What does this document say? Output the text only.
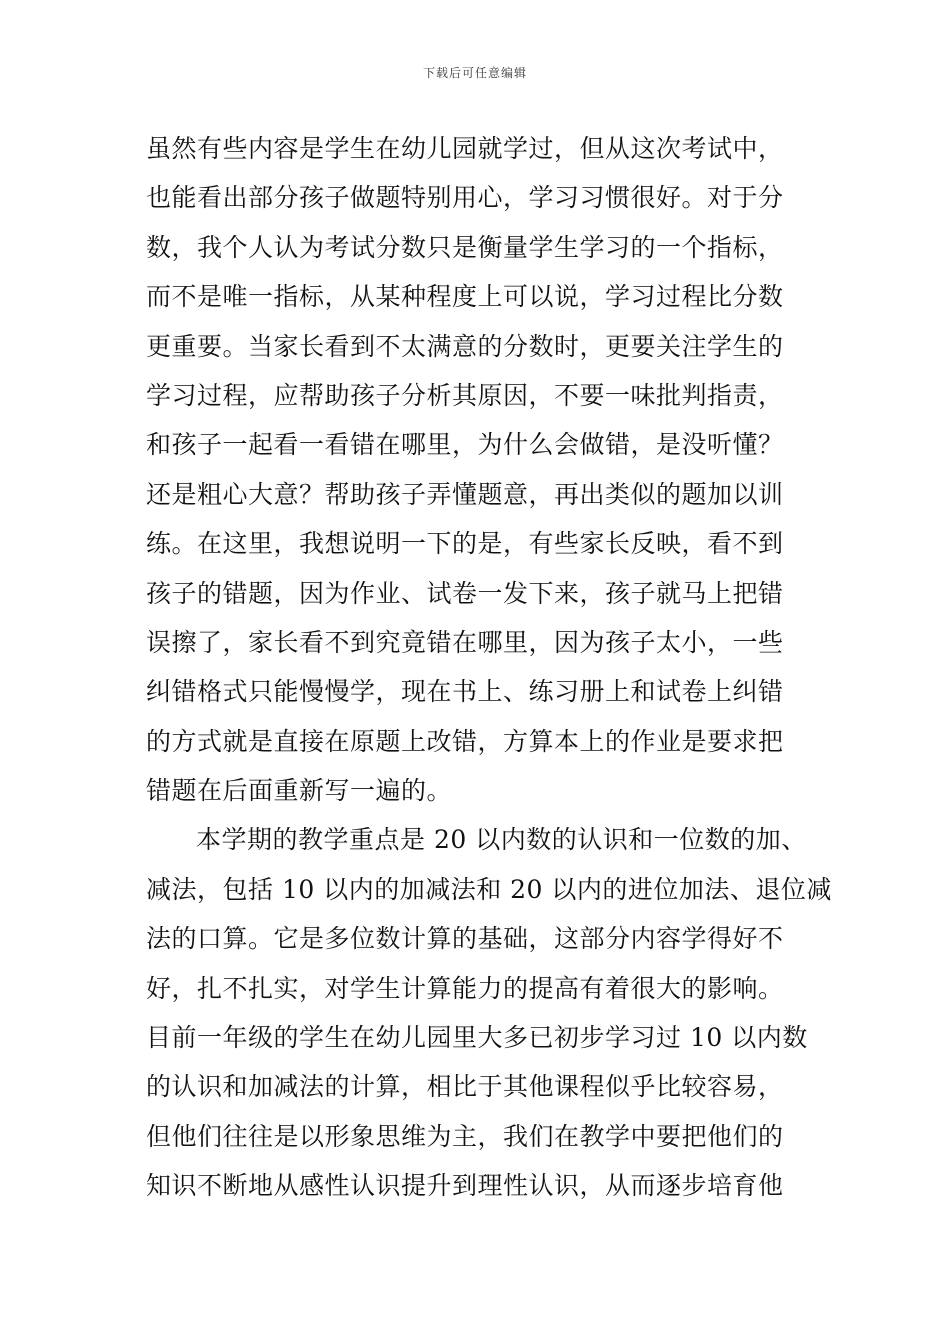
下载后可任意编辑
虽然有些内容是学生在幼儿园就学过，但从这次考试中，
也能看出部分孩子做题特别用心，学习习惯很好。对于分
数，我个人认为考试分数只是衡量学生学习的一个指标，
而不是唯一指标，从某种程度上可以说，学习过程比分数
更重要。当家长看到不太满意的分数时，更要关注学生的
学习过程，应帮助孩子分析其原因，不要一味批判指责，
和孩子一起看一看错在哪里，为什么会做错，是没听懂？
还是粗心大意？帮助孩子弄懂题意，再出类似的题加以训
练。在这里，我想说明一下的是，有些家长反映，看不到
孩子的错题，因为作业、试卷一发下来，孩子就马上把错
误擦了，家长看不到究竟错在哪里，因为孩子太小，一些
纠错格式只能慢慢学，现在书上、练习册上和试卷上纠错
的方式就是直接在原题上改错，方算本上的作业是要求把
错题在后面重新写一遍的。
本学期的教学重点是 20 以内数的认识和一位数的加、
减法，包括 10 以内的加减法和 20 以内的进位加法、退位减
法的口算。它是多位数计算的基础，这部分内容学得好不
好，扎不扎实，对学生计算能力的提高有着很大的影响。
目前一年级的学生在幼儿园里大多已初步学习过 10 以内数
的认识和加减法的计算，相比于其他课程似乎比较容易，
但他们往往是以形象思维为主，我们在教学中要把他们的
知识不断地从感性认识提升到理性认识，从而逐步培育他
